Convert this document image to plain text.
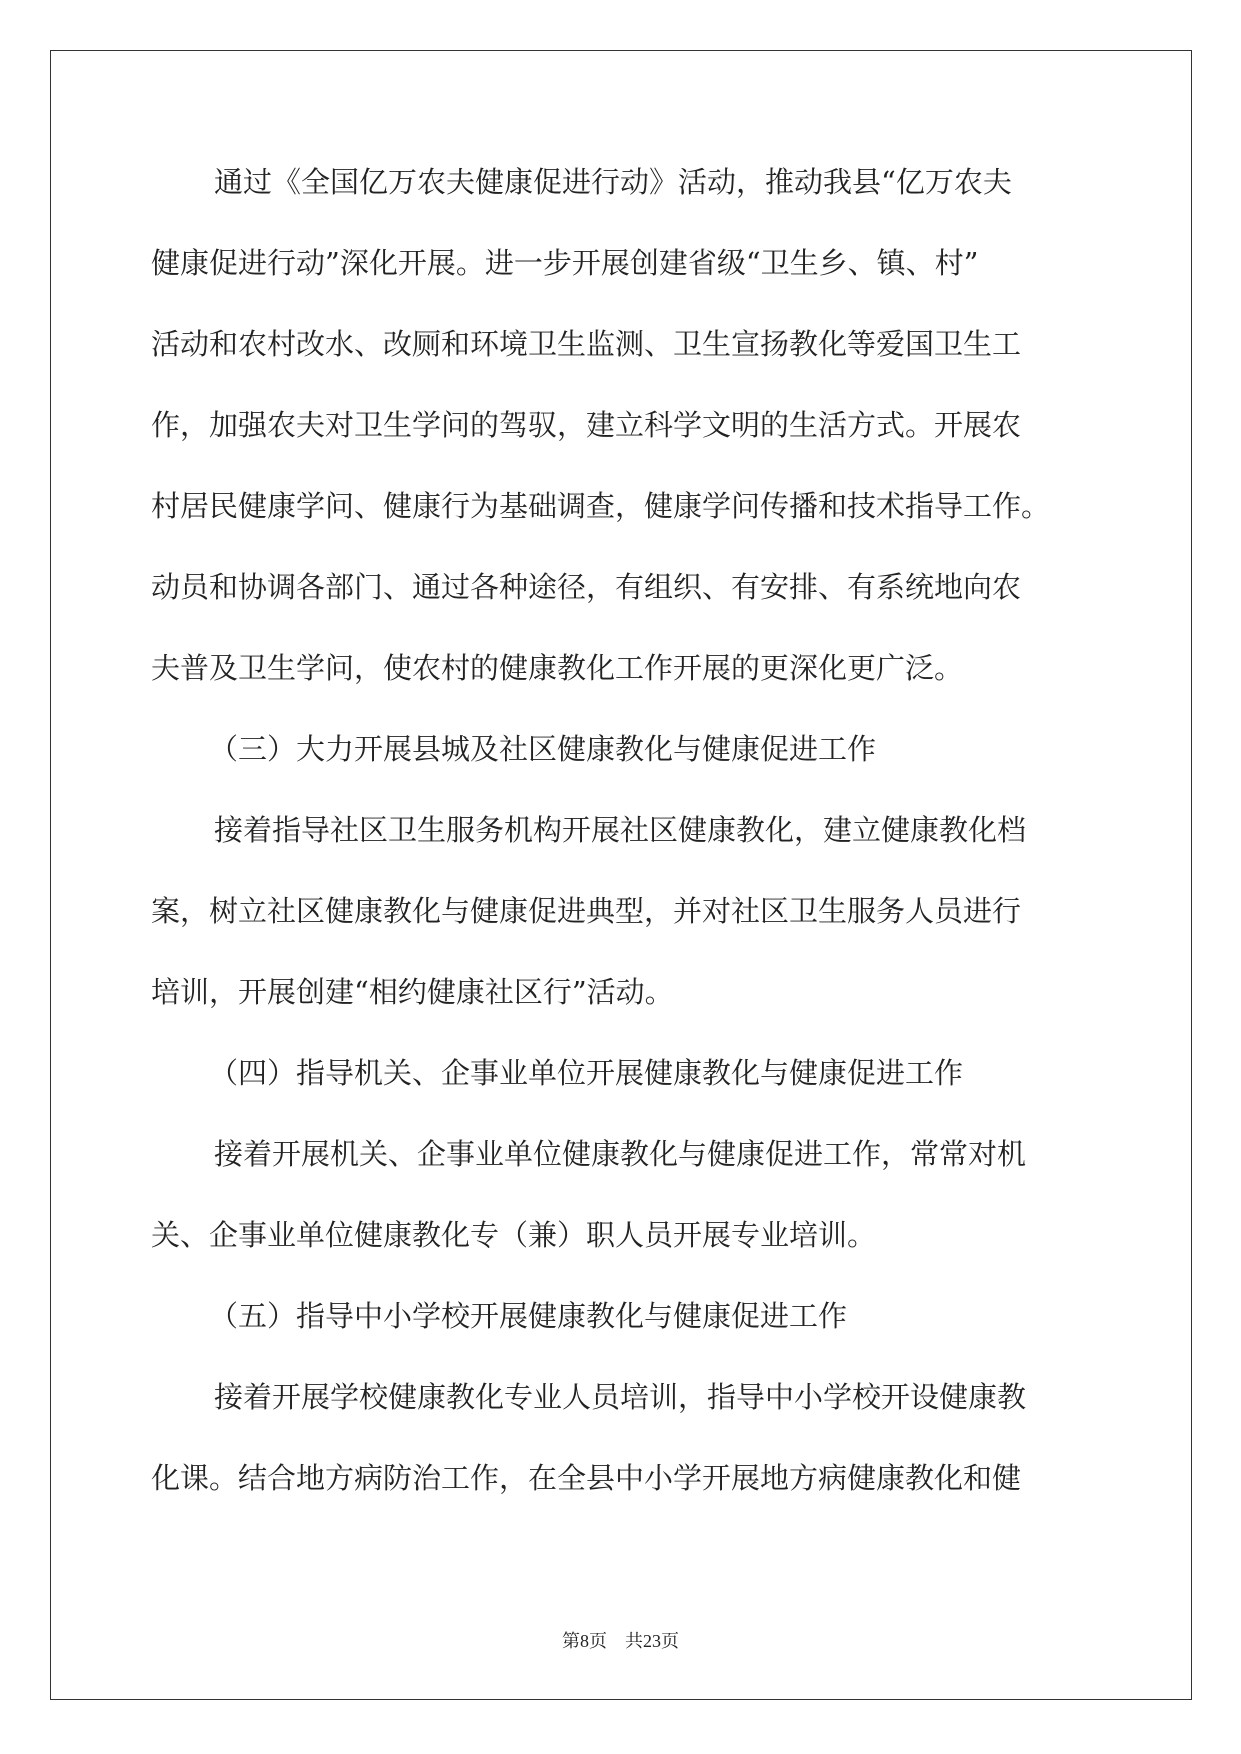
通过《全国亿万农夫健康促进行动》活动，推动我县“亿万农夫
健康促进行动”深化开展。进一步开展创建省级“卫生乡、镇、村”
活动和农村改水、改厕和环境卫生监测、卫生宣扬教化等爱国卫生工
作，加强农夫对卫生学问的驾驭，建立科学文明的生活方式。开展农
村居民健康学问、健康行为基础调查，健康学问传播和技术指导工作。
动员和协调各部门、通过各种途径，有组织、有安排、有系统地向农
夫普及卫生学问，使农村的健康教化工作开展的更深化更广泛。
（三）大力开展县城及社区健康教化与健康促进工作
接着指导社区卫生服务机构开展社区健康教化，建立健康教化档
案，树立社区健康教化与健康促进典型，并对社区卫生服务人员进行
培训，开展创建“相约健康社区行”活动。
（四）指导机关、企事业单位开展健康教化与健康促进工作
接着开展机关、企事业单位健康教化与健康促进工作，常常对机
关、企事业单位健康教化专（兼）职人员开展专业培训。
（五）指导中小学校开展健康教化与健康促进工作
接着开展学校健康教化专业人员培训，指导中小学校开设健康教
化课。结合地方病防治工作，在全县中小学开展地方病健康教化和健
第8页 共23页
